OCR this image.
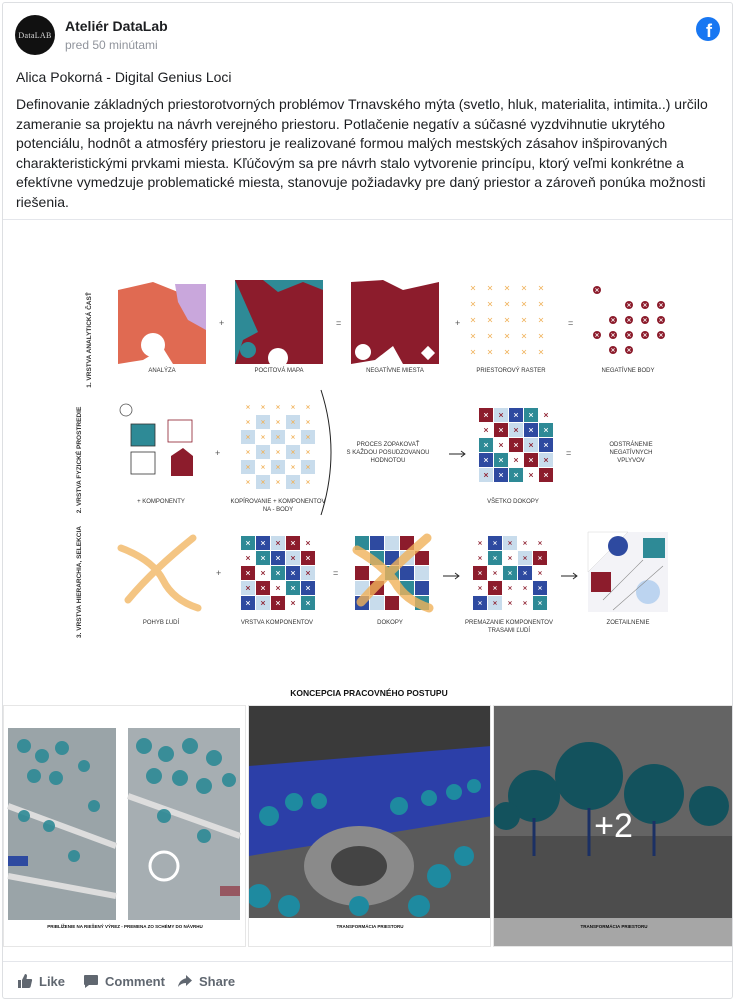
DataLAB
Ateliér DataLab
pred 50 minútami
f
Alica Pokorná - Digital Genius Loci
Definovanie základných priestorotvorných problémov Trnavského mýta (svetlo, hluk, materialita, intimita..) určilo zameranie sa projektu na návrh verejného priestoru. Potlačenie negatív a súčasné vyzdvihnutie ukrytého potenciálu, hodnôt a atmosféry priestoru je realizované formou malých mestských zásahov inšpirovaných charakteristickými prvkami miesta. Kľúčovým sa pre návrh stalo vytvorenie princípu, ktorý veľmi konkrétne a efektívne vymedzuje problematické miesta, stanovuje požiadavky pre daný priestor a zároveň ponúka možnosti riešenia.
1. VRSTVA ANALYTICKÁ ČASŤ
2. VRSTVA FYZICKÉ PROSTREDIE
3. VRSTVA HIERARCHIA, SELEKCIA
ANALÝZA
+
POCITOVÁ MAPA
=
NEGATÍVNE MIESTA
+
PRIESTOROVÝ RASTER
=
NEGATÍVNE BODY
+ KOMPONENTY
+
KOPÍROVANIE + KOMPONENTOV
NA - BODY
PROCES ZOPAKOVAŤ
S KAŽDOU POSUDZOVANOU
HODNOTOU
VŠETKO DOKOPY
=
ODSTRÁNENIE
NEGATÍVNYCH
VPLYVOV
POHYB ĽUDÍ
+
VRSTVA KOMPONENTOV
=
DOKOPY	PREMAZANIE KOMPONENTOV
TRASAMI ĽUDÍ
ZOETAILNENIE
KONCEPCIA PRACOVNÉHO POSTUPU
PRIBLÍŽENIE NA RIEŠENÝ VÝREZ - PREMENA ZO SCHÉMY DO NÁVRHU	TRANSFORMÁCIA PRIESTORU	TRANSFORMÁCIA PRIESTORU
+2
Like	Comment	Share
